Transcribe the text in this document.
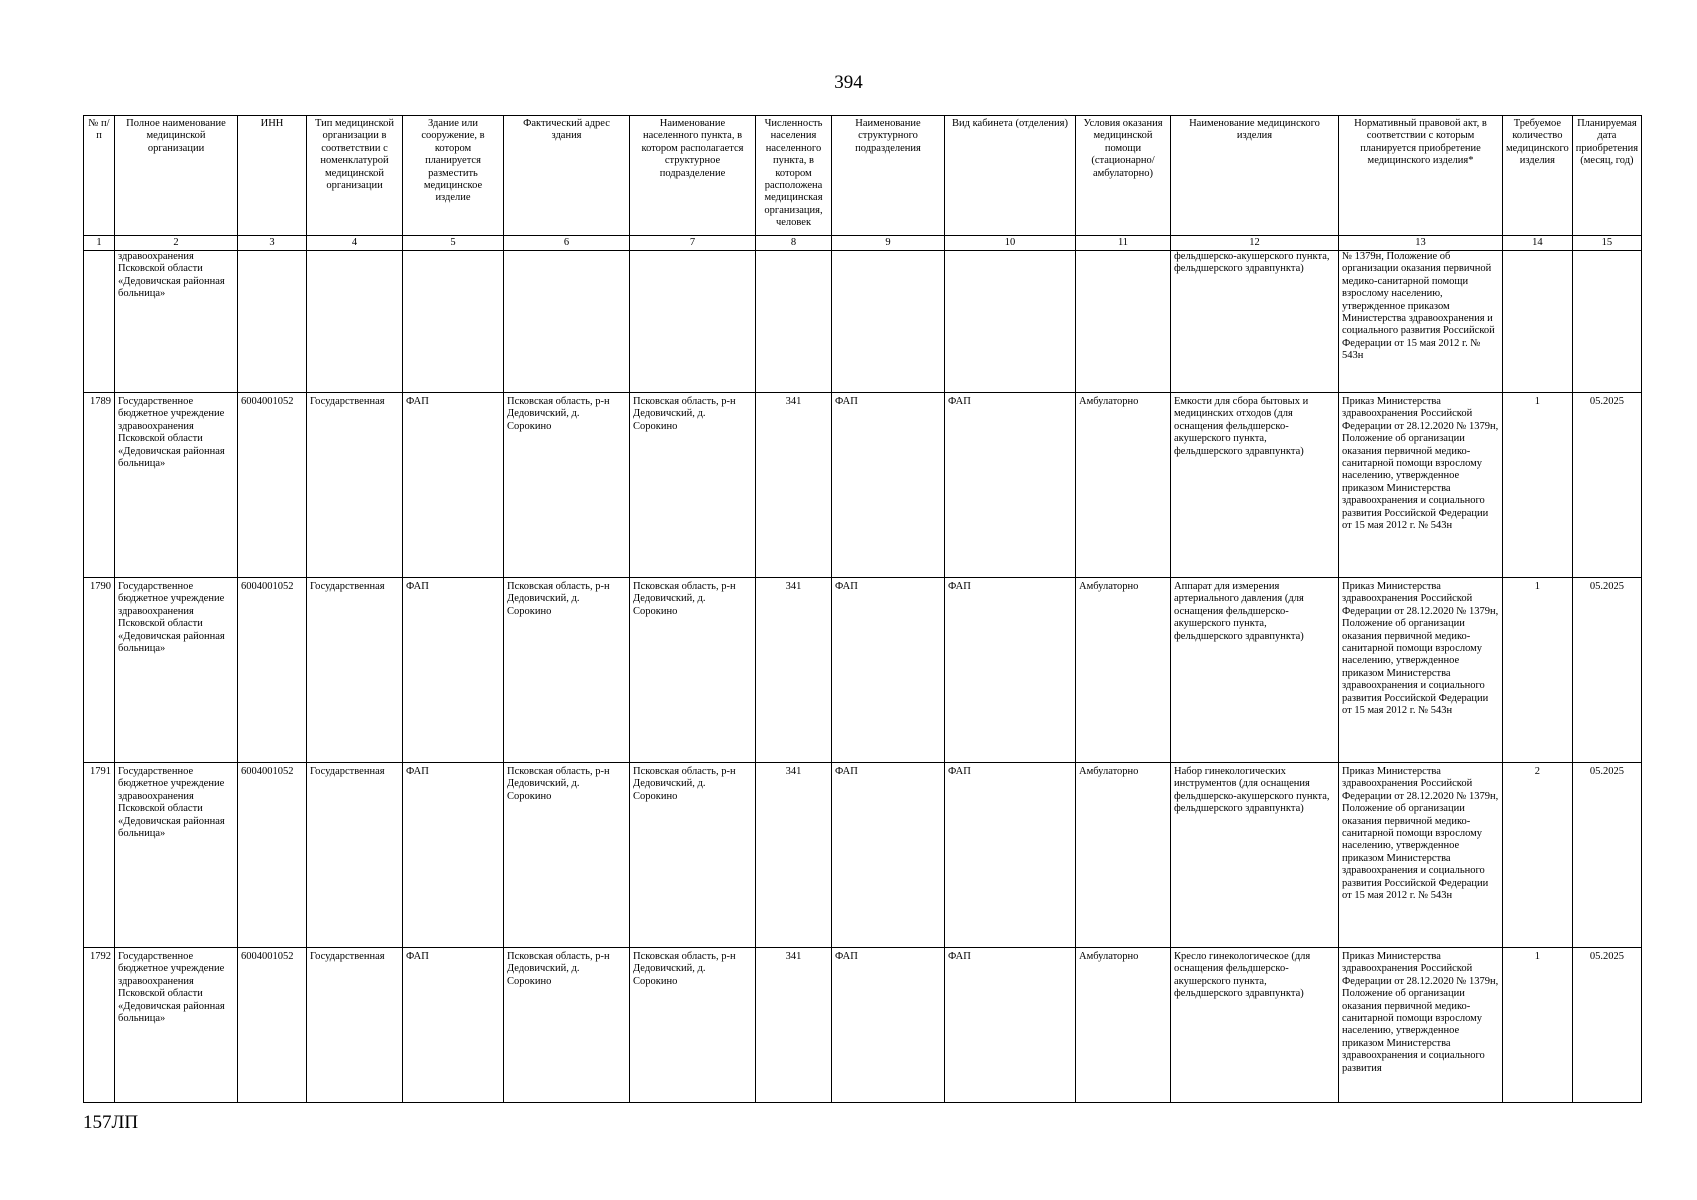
394
№ п/п	Полное наименование медицинской организации	ИНН	Тип медицинской организации в соответствии с номенклатурой медицинской организации	Здание или сооружение, в котором планируется разместить медицинское изделие	Фактический адрес здания	Наименование населенного пункта, в котором располагается структурное подразделение	Численность населения населенного пункта, в котором расположена медицинская организация, человек	Наименование структурного подразделения	Вид кабинета (отделения)	Условия оказания медицинской помощи (стационарно/ амбулаторно)	Наименование медицинского изделия	Нормативный правовой акт, в соответствии с которым планируется приобретение медицинского изделия*	Требуемое количество медицинского изделия	Планируемая дата приобретения (месяц, год)
1	2	3	4	5	6	7	8	9	10	11	12	13	14	15
	здравоохранения Псковской области «Дедовичская районная больница»										фельдшерско-акушерского пункта, фельдшерского здравпункта)	№ 1379н, Положение об организации оказания первичной медико-санитарной помощи взрослому населению, утвержденное приказом Министерства здравоохранения и социального развития Российской Федерации от 15 мая 2012 г. № 543н		
1789	Государственное бюджетное учреждение здравоохранения Псковской области «Дедовичская районная больница»	6004001052	Государственная	ФАП	Псковская область, р-н Дедовичский, д. Сорокино	Псковская область, р-н Дедовичский, д. Сорокино	341	ФАП	ФАП	Амбулаторно	Емкости для сбора бытовых и медицинских отходов (для оснащения фельдшерско-акушерского пункта, фельдшерского здравпункта)	Приказ Министерства здравоохранения Российской Федерации от 28.12.2020 № 1379н, Положение об организации оказания первичной медико-санитарной помощи взрослому населению, утвержденное приказом Министерства здравоохранения и социального развития Российской Федерации от 15 мая 2012 г. № 543н	1	05.2025
1790	Государственное бюджетное учреждение здравоохранения Псковской области «Дедовичская районная больница»	6004001052	Государственная	ФАП	Псковская область, р-н Дедовичский, д. Сорокино	Псковская область, р-н Дедовичский, д. Сорокино	341	ФАП	ФАП	Амбулаторно	Аппарат для измерения артериального давления (для оснащения фельдшерско-акушерского пункта, фельдшерского здравпункта)	Приказ Министерства здравоохранения Российской Федерации от 28.12.2020 № 1379н, Положение об организации оказания первичной медико-санитарной помощи взрослому населению, утвержденное приказом Министерства здравоохранения и социального развития Российской Федерации от 15 мая 2012 г. № 543н	1	05.2025
1791	Государственное бюджетное учреждение здравоохранения Псковской области «Дедовичская районная больница»	6004001052	Государственная	ФАП	Псковская область, р-н Дедовичский, д. Сорокино	Псковская область, р-н Дедовичский, д. Сорокино	341	ФАП	ФАП	Амбулаторно	Набор гинекологических инструментов (для оснащения фельдшерско-акушерского пункта, фельдшерского здравпункта)	Приказ Министерства здравоохранения Российской Федерации от 28.12.2020 № 1379н, Положение об организации оказания первичной медико-санитарной помощи взрослому населению, утвержденное приказом Министерства здравоохранения и социального развития Российской Федерации от 15 мая 2012 г. № 543н	2	05.2025
1792	Государственное бюджетное учреждение здравоохранения Псковской области «Дедовичская районная больница»	6004001052	Государственная	ФАП	Псковская область, р-н Дедовичский, д. Сорокино	Псковская область, р-н Дедовичский, д. Сорокино	341	ФАП	ФАП	Амбулаторно	Кресло гинекологическое (для оснащения фельдшерско-акушерского пункта, фельдшерского здравпункта)	Приказ Министерства здравоохранения Российской Федерации от 28.12.2020 № 1379н, Положение об организации оказания первичной медико-санитарной помощи взрослому населению, утвержденное приказом Министерства здравоохранения и социального развития	1	05.2025
157ЛП
